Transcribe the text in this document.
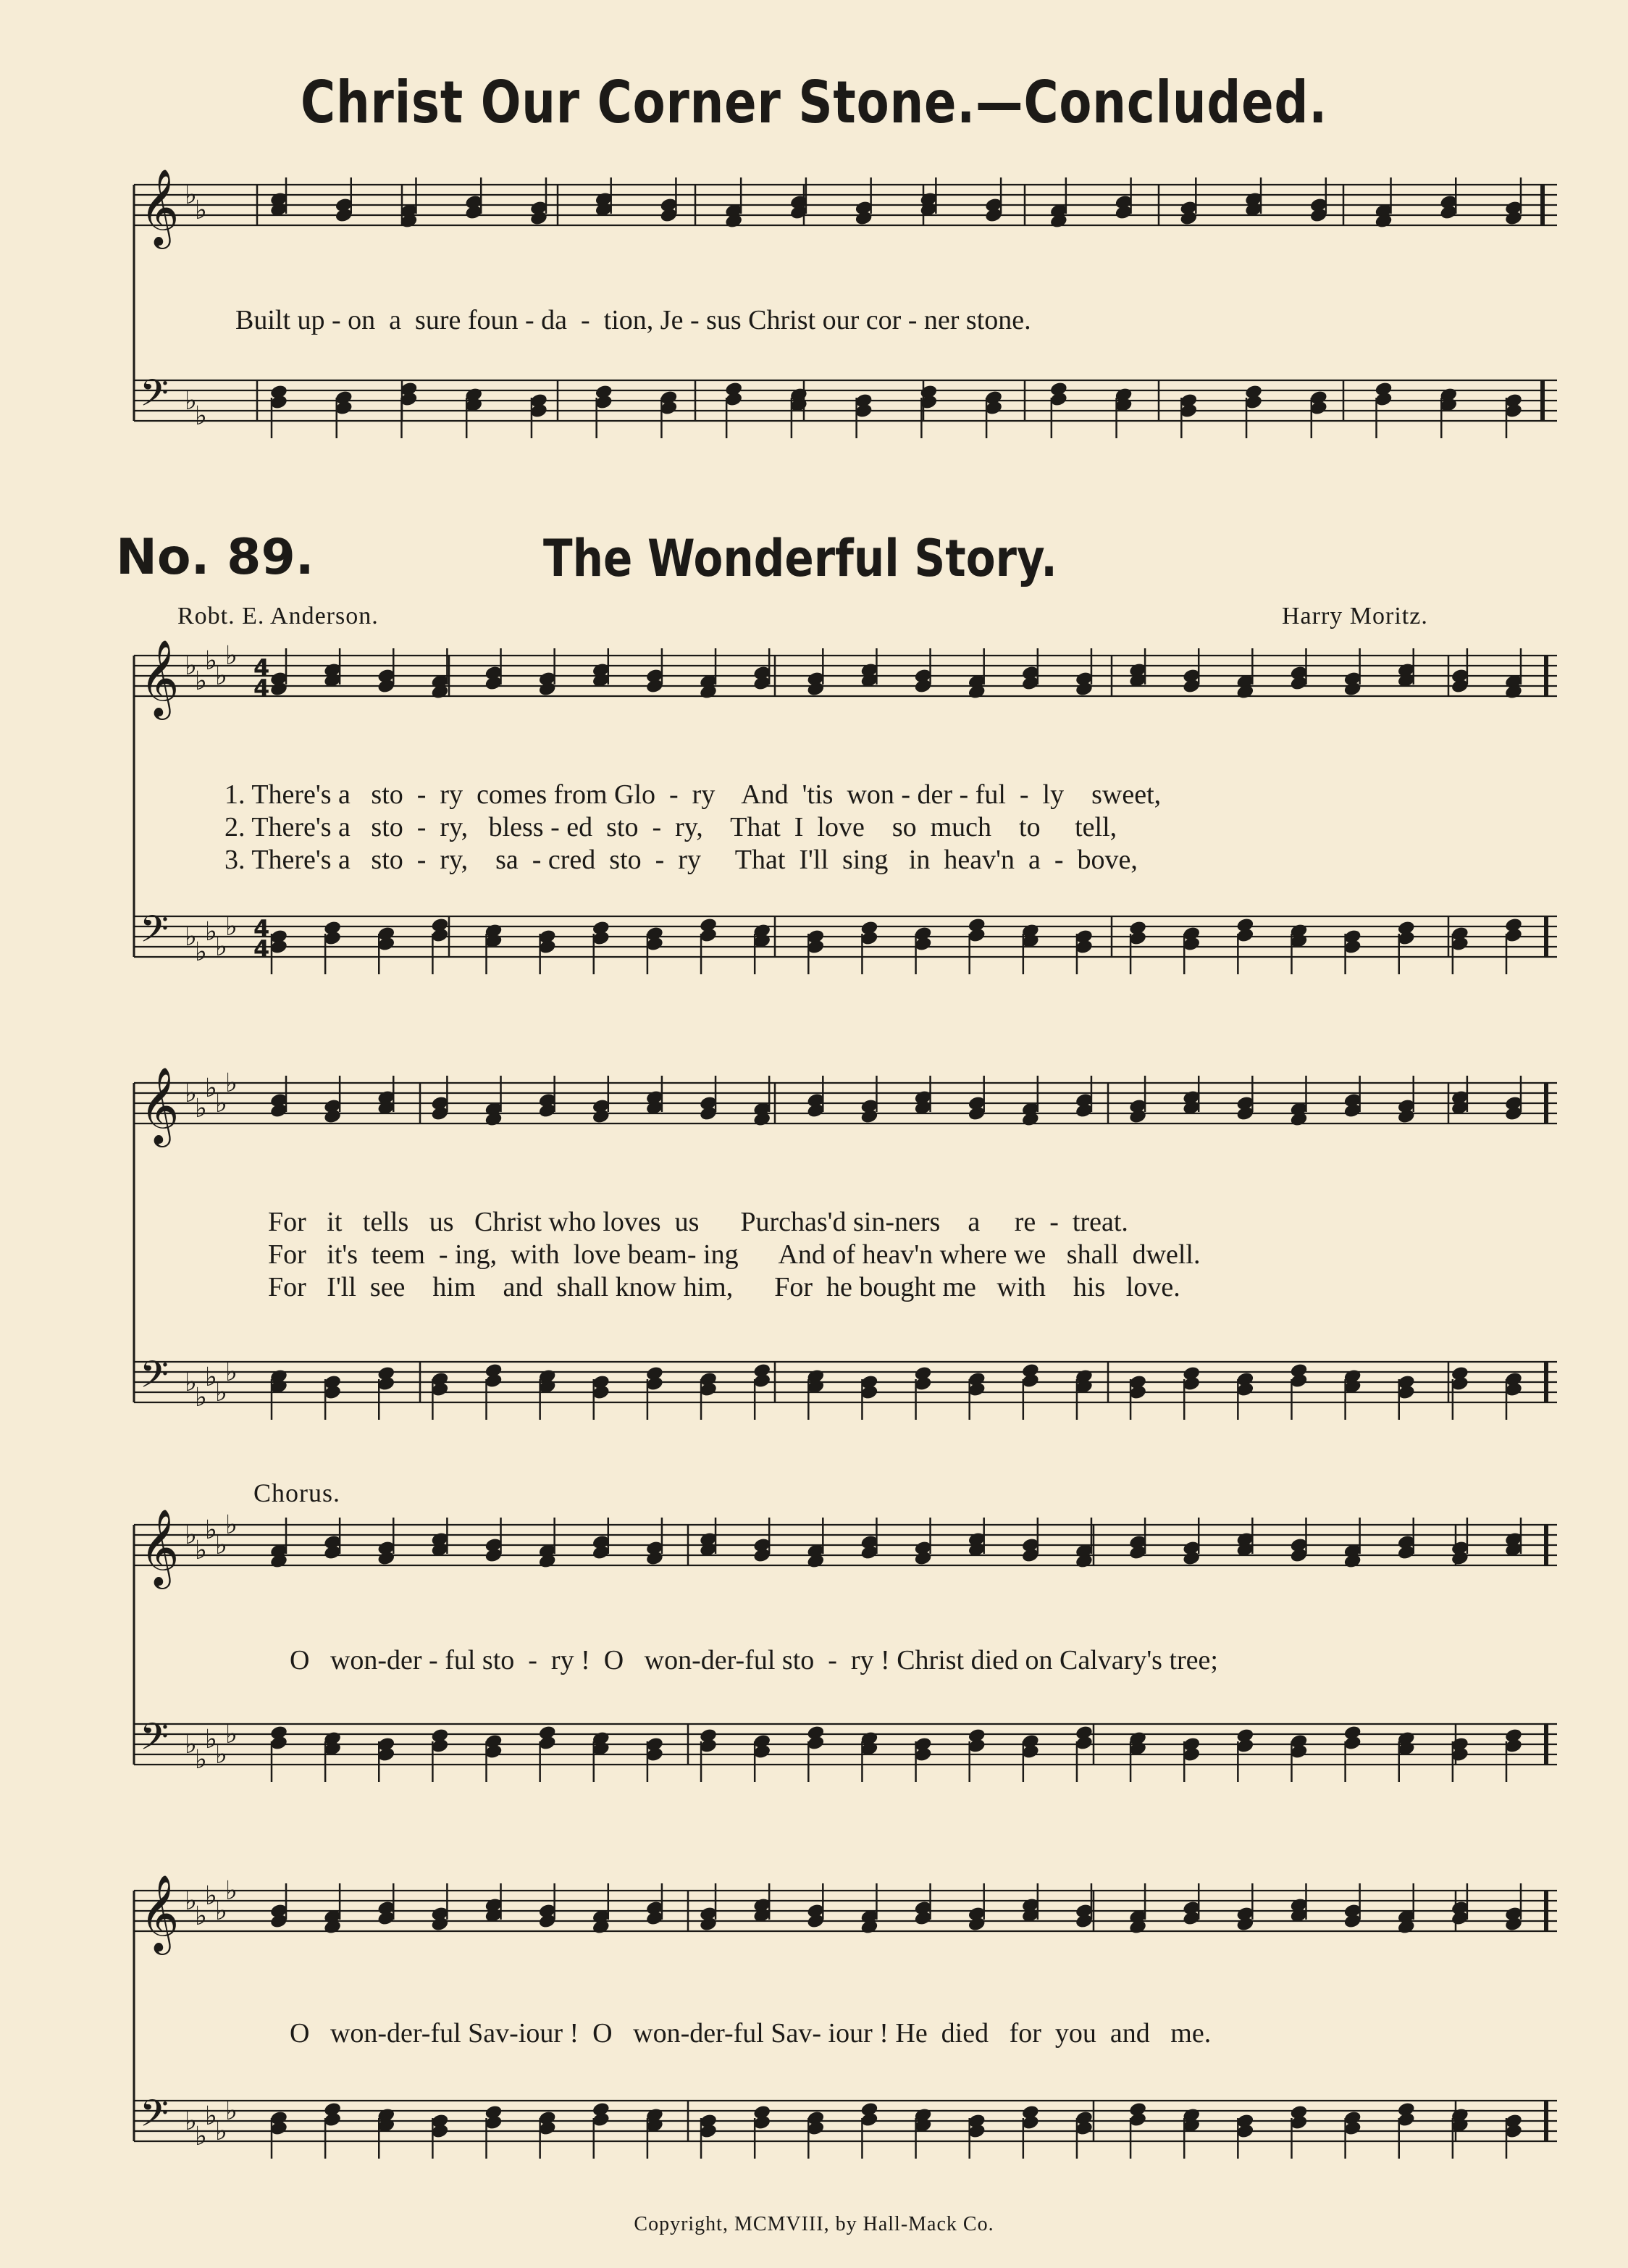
Christ Our Corner Stone.—Concluded.
No. 89.	The Wonderful Story.
Robt. E. Anderson.	Harry Moritz.
Chorus.
𝄞 ♭
♭
𝄢 ♭
♭
𝄞 ♭
♭
♭
♭
♭
𝄢 ♭
♭
♭
♭
♭
𝄞 ♭
♭
♭
♭
♭
𝄢 ♭
♭
♭
♭
♭
𝄞 ♭
♭
♭
♭
♭
𝄢 ♭
♭
♭
♭
♭
𝄞 ♭
♭
♭
♭
♭
𝄢 ♭
♭
♭
♭
♭
4
4
4
4
Built up - on  a  sure foun - da  -  tion, Je - sus Christ our cor - ner stone.
1. There's a   sto  -  ry  comes from Glo  -  ry    And  'tis  won - der - ful  -  ly    sweet,
2. There's a   sto  -  ry,   bless - ed  sto  -  ry,    That  I  love    so  much    to     tell,
3. There's a   sto  -  ry,    sa  - cred  sto  -  ry     That  I'll  sing   in  heav'n  a  -  bove,
For   it   tells   us   Christ who loves  us      Purchas'd sin-ners    a     re  -  treat.
For   it's  teem  - ing,  with  love beam- ing      And of heav'n where we   shall  dwell.
For   I'll  see    him    and  shall know him,      For  he bought me   with    his   love.
O   won-der - ful sto  -  ry !  O   won-der-ful sto  -  ry ! Christ died on Calvary's tree;
O   won-der-ful Sav-iour !  O   won-der-ful Sav- iour ! He  died   for  you  and   me.
Copyright, MCMVIII, by Hall-Mack Co.
